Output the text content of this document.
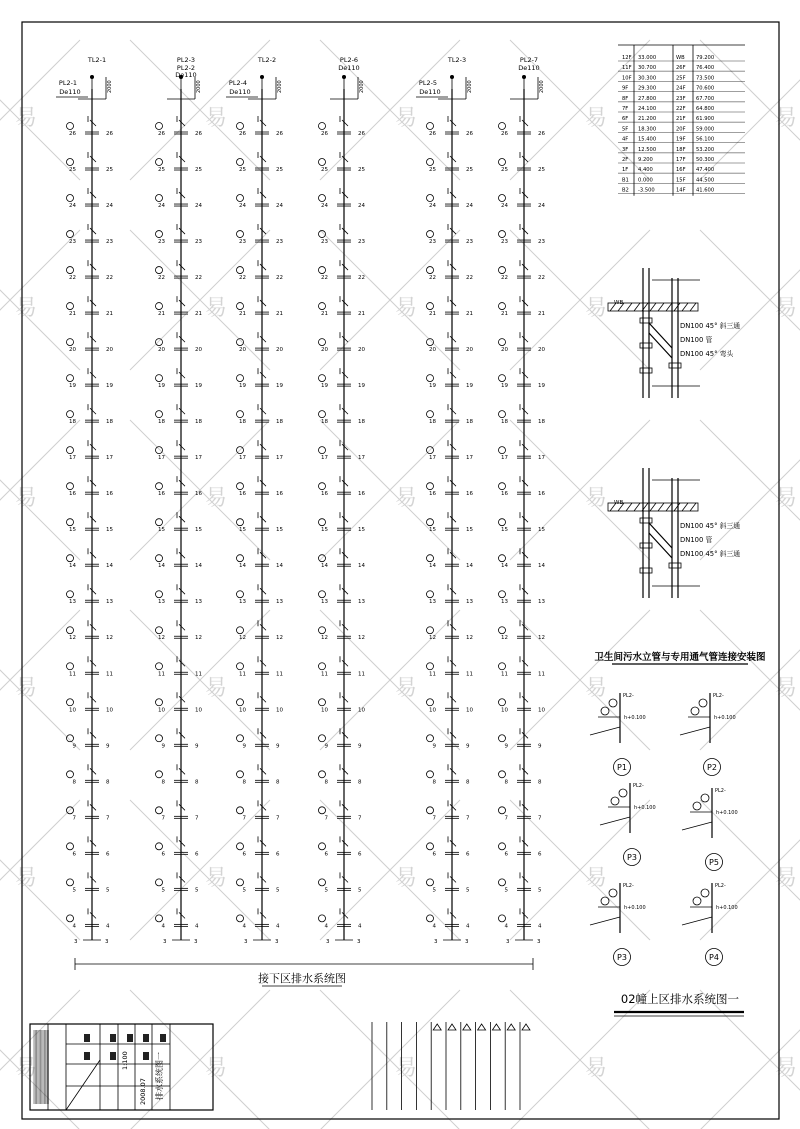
易	易	易	易	易
易	易	易	易	易
易	易	易	易	易
易	易	易	易	易
易	易	易	易	易
易	易	易	易	易
2000
TL2-1
PL2-1
De110
26
26
25
25
24
24
23
23
22
22
21
21
20
20
19
19
18
18
17
17
16
16
15
15
14
14
13
13
12
12
11
11
10
10
9
9
8
8
7
7
6
6
5
5
4
4
3	3
2000
PL2-3
PL2-2
De110
26
26
25
25
24
24
23
23
22
22
21
21
20
20
19
19
18
18
17
17
16
16
15
15
14
14
13
13
12
12
11
11
10
10
9
9
8
8
7
7
6
6
5
5
4
4
3	3
2000
TL2-2
PL2-4
De110
26
26
25
25
24
24
23
23
22
22
21
21
20
20
19
19
18
18
17
17
16
16
15
15
14
14
13
13
12
12
11
11
10
10
9
9
8
8
7
7
6
6
5
5
4
4
3	3
2000
PL2-6
De110
26
26
25
25
24
24
23
23
22
22
21
21
20
20
19
19
18
18
17
17
16
16
15
15
14
14
13
13
12
12
11
11
10
10
9
9
8
8
7
7
6
6
5
5
4
4
3	3
2000
TL2-3
PL2-5
De110
26
26
25
25
24
24
23
23
22
22
21
21
20
20
19
19
18
18
17
17
16
16
15
15
14
14
13
13
12
12
11
11
10
10
9
9
8
8
7
7
6
6
5
5
4
4
3	3
2000
PL2-7
De110
26
26
25
25
24
24
23
23
22
22
21
21
20
20
19
19
18
18
17
17
16
16
15
15
14
14
13
13
12
12
11
11
10
10
9
9
8
8
7
7
6
6
5
5
4
4
3	3
接下区排水系统图
12F 33.000	WB 79.200
11F 30.700	26F 76.400
10F 30.300	25F 73.500
9F 29.300	24F 70.600
8F 27.800	23F 67.700
7F 24.100	22F 64.800
6F 21.200	21F 61.900
5F 18.300	20F 59.000
4F 15.400	19F 56.100
3F 12.500	18F 53.200
2F 9.200	17F 50.300
1F 4.400	16F 47.400
B1 0.000	15F 44.500
B2 -3.500	14F 41.600
DN100 45° 斜三通
DN100 管
DN100 45° 弯头
WB
DN100 45° 斜三通
DN100 管
DN100 45° 斜三通
WB
卫生间污水立管与专用通气管连接安装图
PL2-
h+0.100
P1
PL2-
h+0.100
P2
PL2-
h+0.100
P3
PL2-
h+0.100
P5
PL2-
h+0.100
P3
PL2-
h+0.100
P4
02幢上区排水系统图一
排水系统图一
2008.07
1:100
